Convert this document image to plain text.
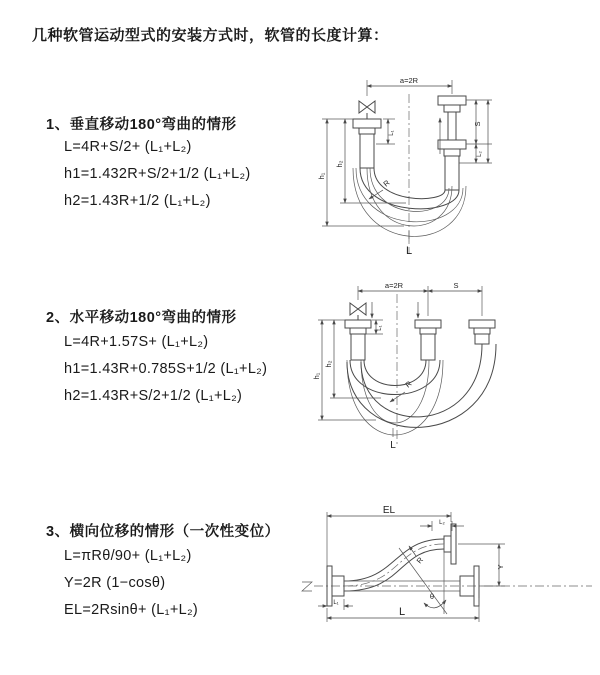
几种软管运动型式的安装方式时，软管的长度计算：
1、垂直移动180°弯曲的情形
L=4R+S/2+ (L₁+L₂)
h1=1.432R+S/2+1/2 (L₁+L₂)
h2=1.43R+1/2 (L₁+L₂)
2、水平移动180°弯曲的情形
L=4R+1.57S+ (L₁+L₂)
h1=1.43R+0.785S+1/2 (L₁+L₂)
h2=1.43R+S/2+1/2 (L₁+L₂)
3、横向位移的情形（一次性变位）
L=πRθ/90+ (L₁+L₂)
Y=2R (1−cosθ)
EL=2Rsinθ+ (L₁+L₂)
a=2R
R
L
L₁
h₂
h₁
S
L₂
a=2R	S
L₁
R
h₂
h₁
L
EL
L₂
θ
R
Y
L₁
L
